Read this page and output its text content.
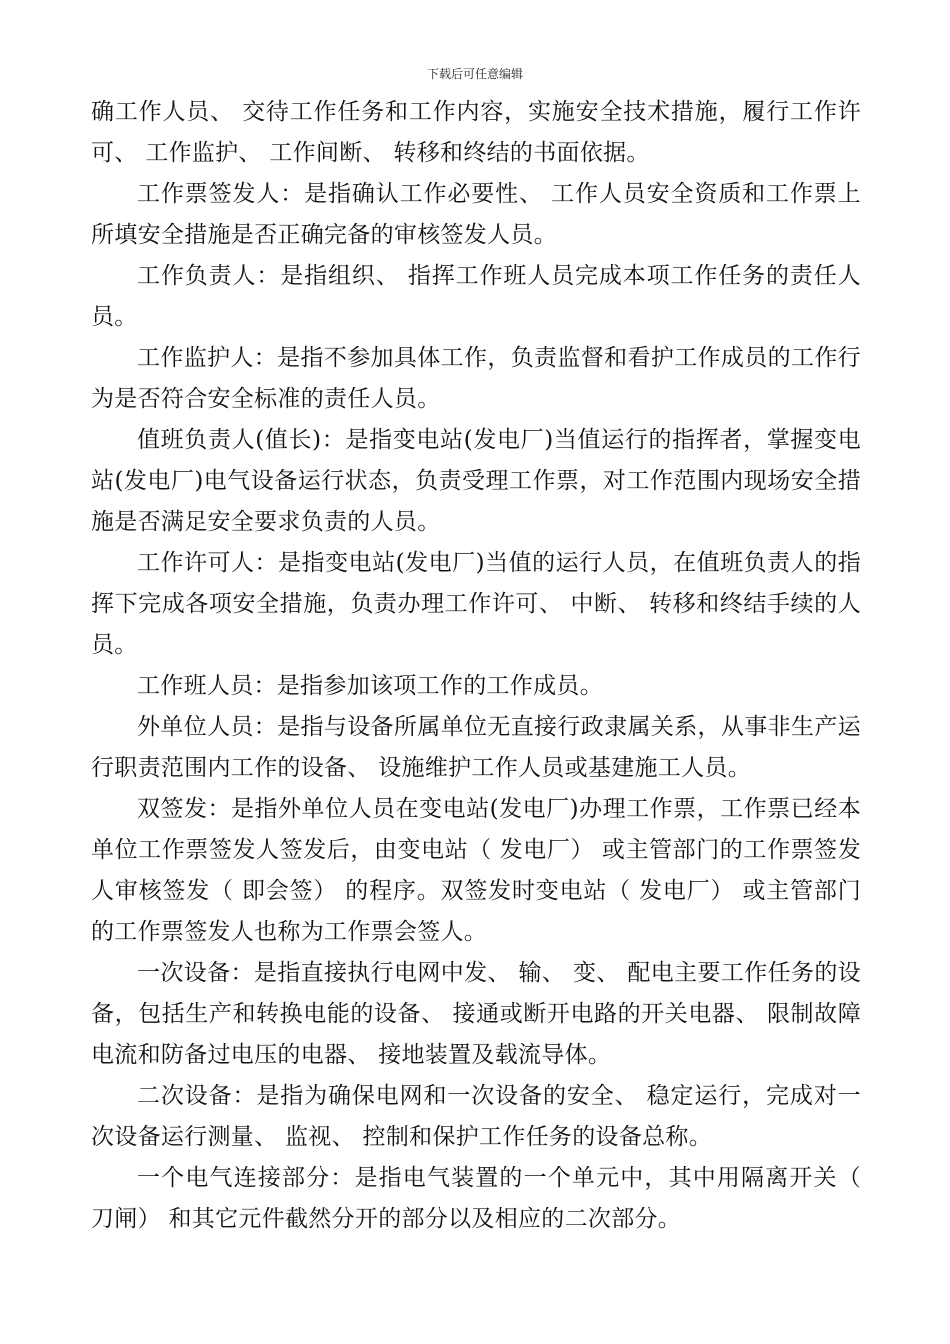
下载后可任意编辑

确工作人员、 交待工作任务和工作内容，实施安全技术措施，履行工作许可、 工作监护、 工作间断、 转移和终结的书面依据。

工作票签发人：是指确认工作必要性、 工作人员安全资质和工作票上所填安全措施是否正确完备的审核签发人员。

工作负责人：是指组织、 指挥工作班人员完成本项工作任务的责任人员。

工作监护人：是指不参加具体工作，负责监督和看护工作成员的工作行为是否符合安全标准的责任人员。

值班负责人(值长)：是指变电站(发电厂)当值运行的指挥者，掌握变电站(发电厂)电气设备运行状态，负责受理工作票，对工作范围内现场安全措施是否满足安全要求负责的人员。

工作许可人：是指变电站(发电厂)当值的运行人员，在值班负责人的指挥下完成各项安全措施，负责办理工作许可、 中断、 转移和终结手续的人员。

工作班人员：是指参加该项工作的工作成员。

外单位人员：是指与设备所属单位无直接行政隶属关系，从事非生产运行职责范围内工作的设备、 设施维护工作人员或基建施工人员。

双签发：是指外单位人员在变电站(发电厂)办理工作票，工作票已经本单位工作票签发人签发后，由变电站（ 发电厂） 或主管部门的工作票签发人审核签发（ 即会签） 的程序。双签发时变电站（ 发电厂） 或主管部门的工作票签发人也称为工作票会签人。

一次设备：是指直接执行电网中发、 输、 变、 配电主要工作任务的设备，包括生产和转换电能的设备、 接通或断开电路的开关电器、 限制故障电流和防备过电压的电器、 接地装置及载流导体。

二次设备：是指为确保电网和一次设备的安全、 稳定运行，完成对一次设备运行测量、 监视、 控制和保护工作任务的设备总称。

一个电气连接部分：是指电气装置的一个单元中，其中用隔离开关（ 刀闸） 和其它元件截然分开的部分以及相应的二次部分。
